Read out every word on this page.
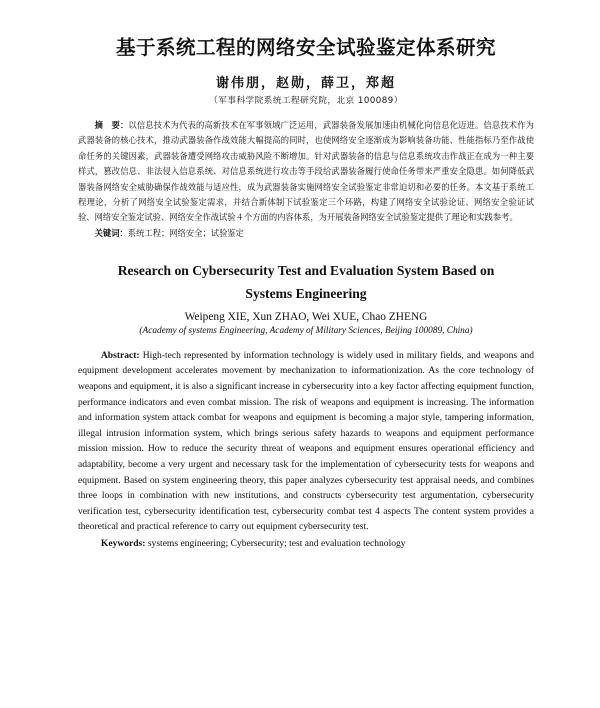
基于系统工程的网络安全试验鉴定体系研究
谢伟朋，赵勋，薛卫，郑超
（军事科学院系统工程研究院，北京 100089）

摘　要：以信息技术为代表的高新技术在军事领域广泛运用，武器装备发展加速由机械化向信息化迈进。信息技术作为武器装备的核心技术，推动武器装备作战效能大幅提高的同时，也使网络安全逐渐成为影响装备功能、性能指标乃至作战使命任务的关键因素，武器装备遭受网络攻击威胁风险不断增加。针对武器装备的信息与信息系统攻击作战正在成为一种主要样式，篡改信息、非法侵入信息系统、对信息系统进行攻击等手段给武器装备履行使命任务带来严重安全隐患。如何降低武器装备网络安全威胁确保作战效能与适应性，成为武器装备实施网络安全试验鉴定非常迫切和必要的任务。本文基于系统工程理论，分析了网络安全试验鉴定需求，并结合新体制下试验鉴定三个环路，构建了网络安全试验论证、网络安全验证试验、网络安全鉴定试验、网络安全作战试验４个方面的内容体系，为开展装备网络安全试验鉴定提供了理论和实践参考。

关键词：系统工程；网络安全；试验鉴定

Research on Cybersecurity Test and Evaluation System Based on
Systems Engineering
Weipeng XIE, Xun ZHAO, Wei XUE, Chao ZHENG
(Academy of systems Engineering, Academy of Military Sciences, Beijing 100089, China)

Abstract: High-tech represented by information technology is widely used in military fields, and weapons and equipment development accelerates movement by mechanization to informationization. As the core technology of weapons and equipment, it is also a significant increase in cybersecurity into a key factor affecting equipment function, performance indicators and even combat mission. The risk of weapons and equipment is increasing. The information and information system attack combat for weapons and equipment is becoming a major style, tampering information, illegal intrusion information system, which brings serious safety hazards to weapons and equipment performance mission mission. How to reduce the security threat of weapons and equipment ensures operational efficiency and adaptability, become a very urgent and necessary task for the implementation of cybersecurity tests for weapons and equipment. Based on system engineering theory, this paper analyzes cybersecurity test appraisal needs, and combines three loops in combination with new institutions, and constructs cybersecurity test argumentation, cybersecurity verification test, cybersecurity identification test, cybersecurity combat test 4 aspects The content system provides a theoretical and practical reference to carry out equipment cybersecurity test.

Keywords: systems engineering; Cybersecurity; test and evaluation technology
